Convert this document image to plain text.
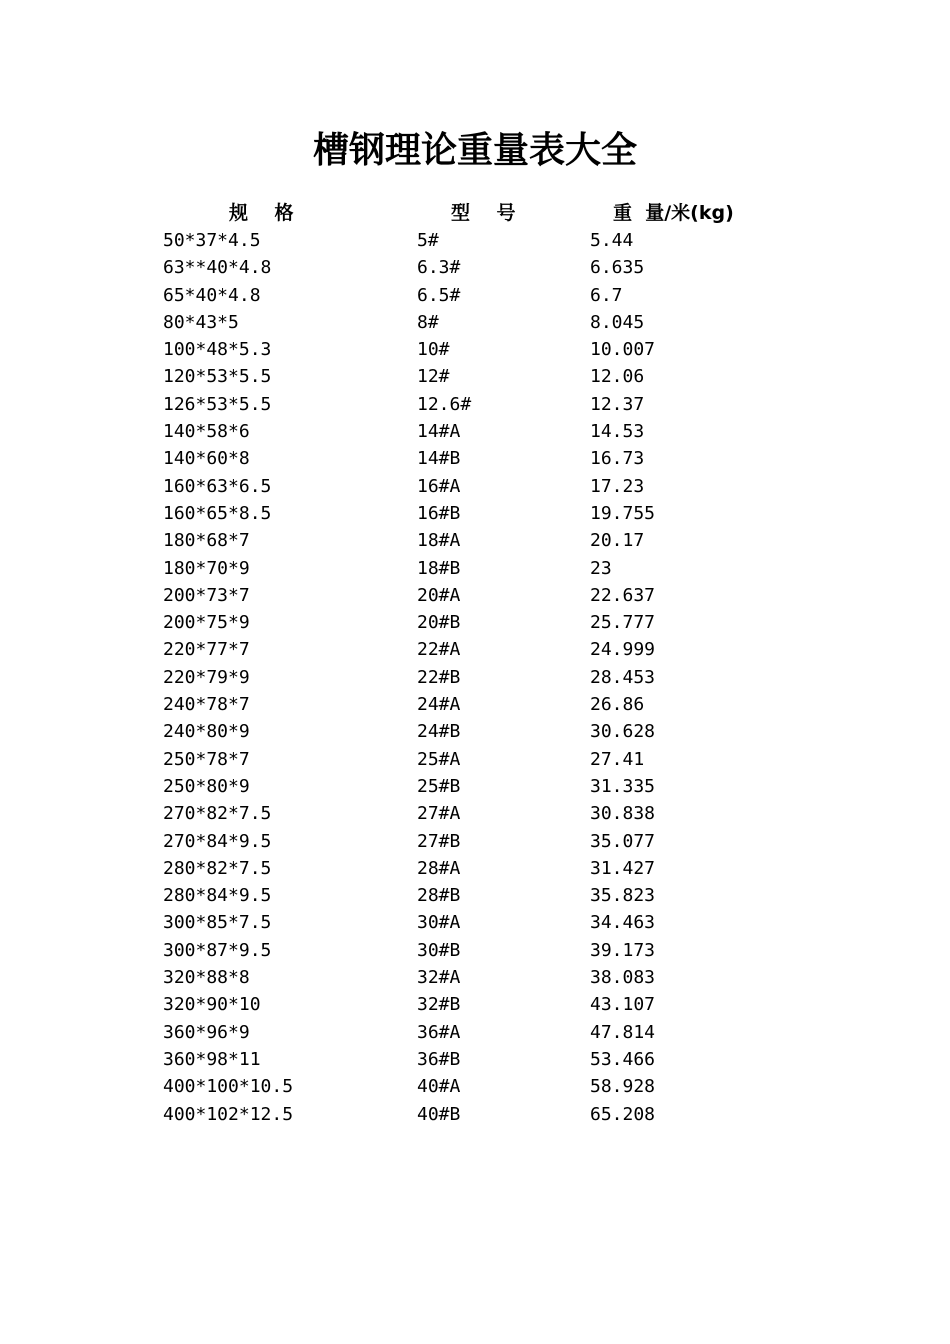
槽钢理论重量表大全
规    格	型    号	重  量/米(kg)
50*37*4.5	5#	5.44
63**40*4.8	6.3#	6.635
65*40*4.8	6.5#	6.7
80*43*5	8#	8.045
100*48*5.3	10#	10.007
120*53*5.5	12#	12.06
126*53*5.5	12.6#	12.37
140*58*6	14#A	14.53
140*60*8	14#B	16.73
160*63*6.5	16#A	17.23
160*65*8.5	16#B	19.755
180*68*7	18#A	20.17
180*70*9	18#B	23
200*73*7	20#A	22.637
200*75*9	20#B	25.777
220*77*7	22#A	24.999
220*79*9	22#B	28.453
240*78*7	24#A	26.86
240*80*9	24#B	30.628
250*78*7	25#A	27.41
250*80*9	25#B	31.335
270*82*7.5	27#A	30.838
270*84*9.5	27#B	35.077
280*82*7.5	28#A	31.427
280*84*9.5	28#B	35.823
300*85*7.5	30#A	34.463
300*87*9.5	30#B	39.173
320*88*8	32#A	38.083
320*90*10	32#B	43.107
360*96*9	36#A	47.814
360*98*11	36#B	53.466
400*100*10.5	40#A	58.928
400*102*12.5	40#B	65.208
